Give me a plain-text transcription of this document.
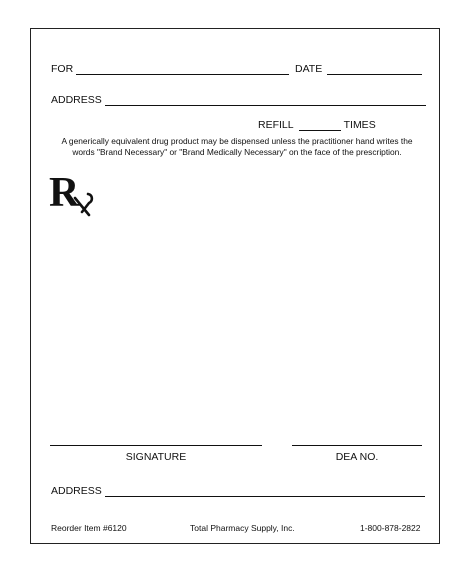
FOR	DATE
ADDRESS
REFILL	TIMES
A generically equivalent drug product may be dispensed unless the practitioner hand writes the words "Brand Necessary" or "Brand Medically Necessary" on the face of the prescription.
R
SIGNATURE	DEA NO.
ADDRESS
Reorder Item #6120	Total Pharmacy Supply, Inc.	1-800-878-2822
